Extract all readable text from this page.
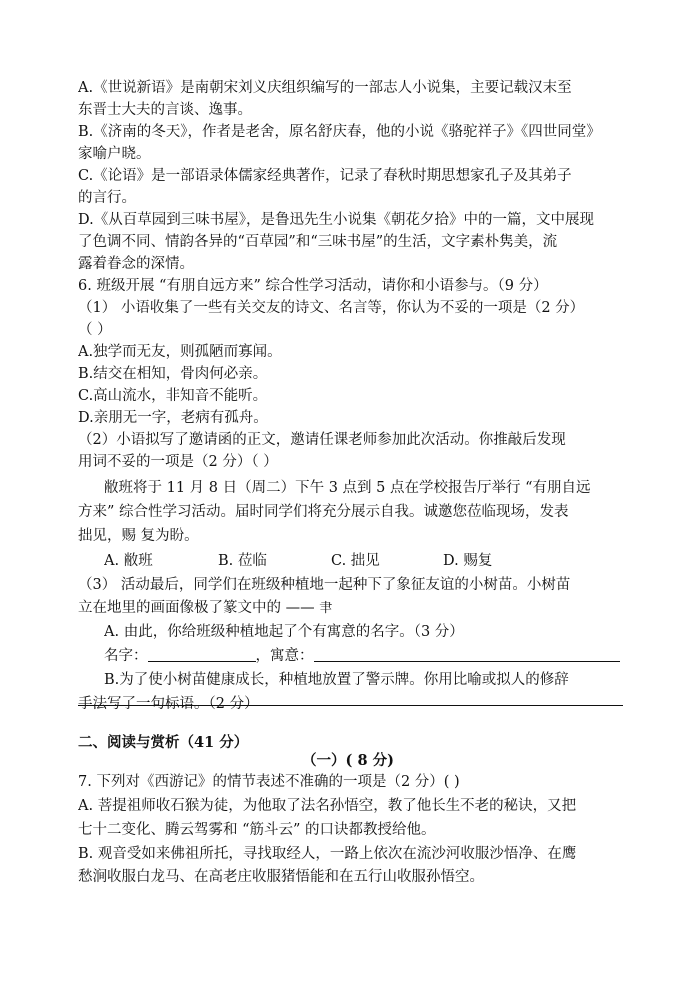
A.《世说新语》是南朝宋刘义庆组织编写的一部志人小说集，主要记载汉末至
东晋士大夫的言谈、逸事。
B.《济南的冬天》，作者是老舍，原名舒庆春，他的小说《骆驼祥子》《四世同堂》
家喻户晓。
C.《论语》是一部语录体儒家经典著作，记录了春秋时期思想家孔子及其弟子
的言行。
D.《从百草园到三味书屋》，是鲁迅先生小说集《朝花夕拾》中的一篇，文中展现
了色调不同、情韵各异的“百草园”和“三味书屋”的生活，文字素朴隽美，流
露着眷念的深情。
6. 班级开展 “有朋自远方来” 综合性学习活动，请你和小语参与。（9 分）
（1） 小语收集了一些有关交友的诗文、名言等，你认为不妥的一项是（2 分）
（ ）
A.独学而无友，则孤陋而寡闻。
B.结交在相知，骨肉何必亲。
C.高山流水，非知音不能听。
D.亲朋无一字，老病有孤舟。
（2）小语拟写了邀请函的正文，邀请任课老师参加此次活动。你推敲后发现
用词不妥的一项是（2 分）（ ）
敝班将于 11 月 8 日（周二）下午 3 点到 5 点在学校报告厅举行 “有朋自远
方来” 综合性学习活动。届时同学们将充分展示自我。诚邀您莅临现场，发表
拙见，赐 复为盼。
A. 敝班	B. 莅临	C. 拙见	D. 赐复
（3） 活动最后，同学们在班级种植地一起种下了象征友谊的小树苗。小树苗
立在地里的画面像极了篆文中的 —— 𦘒
A. 由此，你给班级种植地起了个有寓意的名字。（3 分）
名字：	，寓意：
B.为了使小树苗健康成长，种植地放置了警示牌。你用比喻或拟人的修辞
手法写了一句标语。（2 分）
二、阅读与赏析（41 分）
（一）( 8 分)
7. 下列对《西游记》的情节表述不准确的一项是（2 分）( )
A. 菩提祖师收石猴为徒，为他取了法名孙悟空，教了他长生不老的秘诀，又把
七十二变化、腾云驾雾和 “筋斗云” 的口诀都教授给他。
B. 观音受如来佛祖所托，寻找取经人，一路上依次在流沙河收服沙悟净、在鹰
愁涧收服白龙马、在高老庄收服猪悟能和在五行山收服孙悟空。
